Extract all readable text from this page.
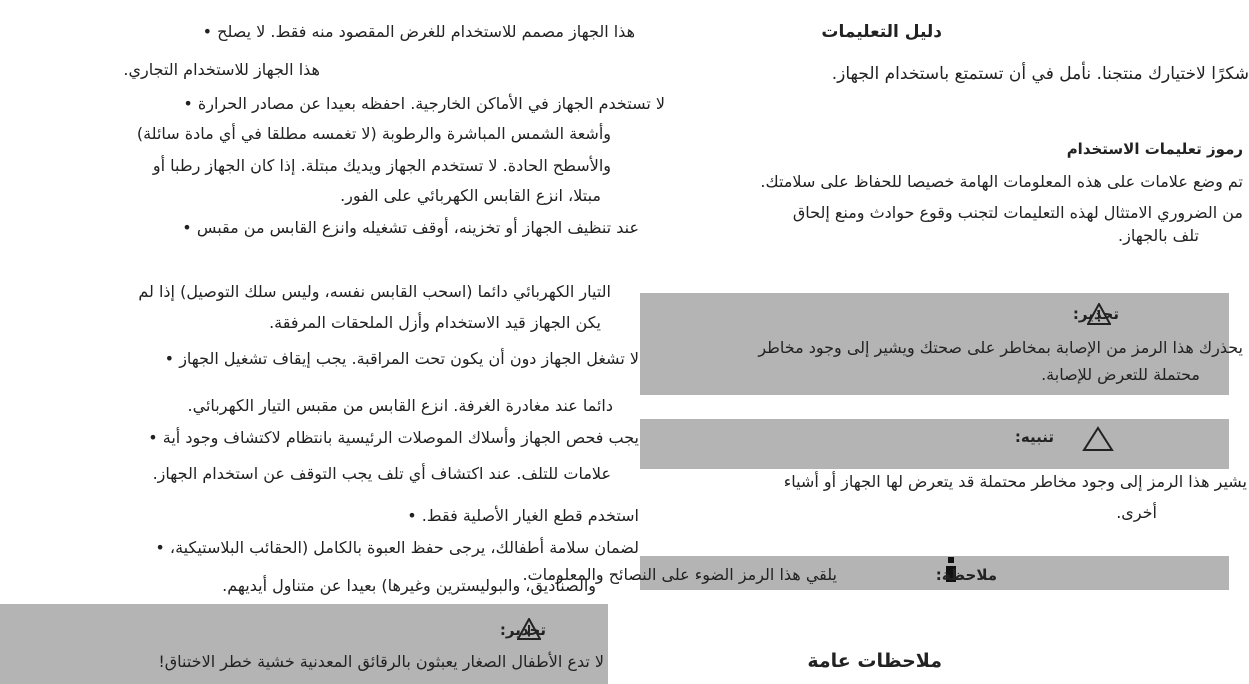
دليل التعليمات
شكرًا لاختيارك منتجنا. نأمل في أن تستمتع باستخدام الجهاز.
رموز تعليمات الاستخدام
تم وضع علامات على هذه المعلومات الهامة خصيصا للحفاظ على سلامتك.
من الضروري الامتثال لهذه التعليمات لتجنب وقوع حوادث ومنع إلحاق
تلف بالجهاز.
تحذير:
يحذرك هذا الرمز من الإصابة بمخاطر على صحتك ويشير إلى وجود مخاطر
محتملة للتعرض للإصابة.
تنبيه:
يشير هذا الرمز إلى وجود مخاطر محتملة قد يتعرض لها الجهاز أو أشياء
أخرى.
ملاحظة:
يلقي هذا الرمز الضوء على النصائح والمعلومات.
ملاحظات عامة
هذا الجهاز مصمم للاستخدام للغرض المقصود منه فقط. لا يصلح •
لا تستخدم الجهاز في الأماكن الخارجية. احفظه بعيدا عن مصادر الحرارة •
عند تنظيف الجهاز أو تخزينه، أوقف تشغيله وانزع القابس من مقبس •
لا تشغل الجهاز دون أن يكون تحت المراقبة. يجب إيقاف تشغيل الجهاز •
يجب فحص الجهاز وأسلاك الموصلات الرئيسية بانتظام لاكتشاف وجود أية •
استخدم قطع الغيار الأصلية فقط. •
لضمان سلامة أطفالك، يرجى حفظ العبوة بالكامل (الحقائب البلاستيكية، •
هذا الجهاز للاستخدام التجاري.
وأشعة الشمس المباشرة والرطوبة (لا تغمسه مطلقا في أي مادة سائلة)
والأسطح الحادة. لا تستخدم الجهاز ويديك مبتلة. إذا كان الجهاز رطبا أو
مبتلا، انزع القابس الكهربائي على الفور.
التيار الكهربائي دائما (اسحب القابس نفسه، وليس سلك التوصيل) إذا لم
يكن الجهاز قيد الاستخدام وأزل الملحقات المرفقة.
دائما عند مغادرة الغرفة. انزع القابس من مقبس التيار الكهربائي.
علامات للتلف. عند اكتشاف أي تلف يجب التوقف عن استخدام الجهاز.
والصناديق، والبوليسترين وغيرها) بعيدا عن متناول أيديهم.
تحذير:
لا تدع الأطفال الصغار يعبثون بالرقائق المعدنية خشية خطر الاختناق!
